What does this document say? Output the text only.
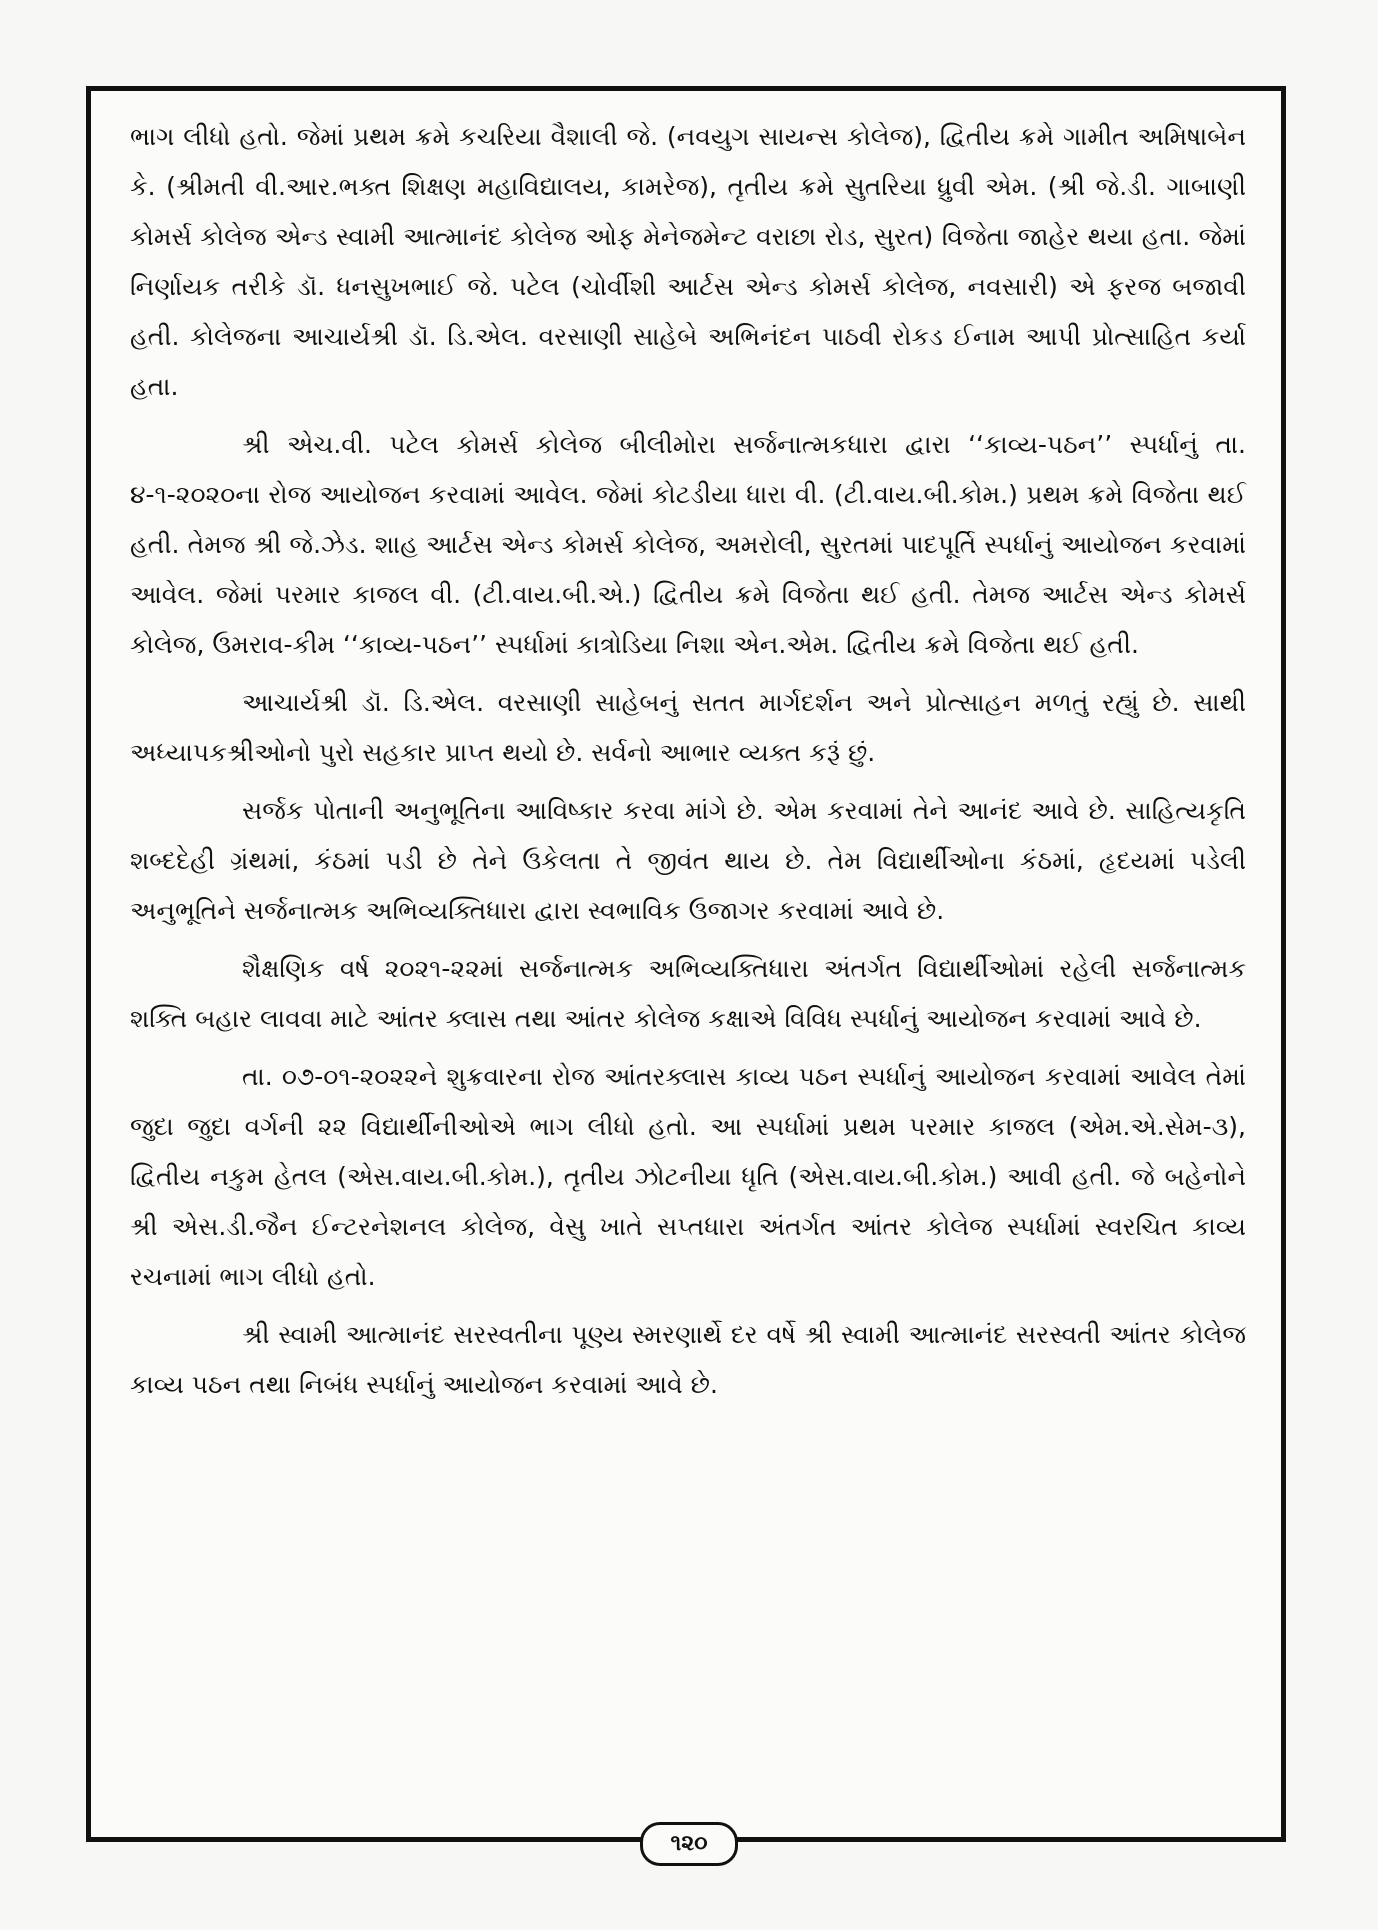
ભાગ લીધો હતો. જેમાં પ્રથમ ક્રમે કચરિયા વૈશાલી જે. (નવયુગ સાયન્સ કોલેજ), દ્વિતીય ક્રમે ગામીત અમિષાબેન કે. (શ્રીમતી વી.આર.ભક્ત શિક્ષણ મહાવિદ્યાલય, કામરેજ), તૃતીય ક્રમે સુતરિયા ધ્રુવી એમ. (શ્રી જે.ડી. ગાબાણી કોમર્સ કોલેજ એન્ડ સ્વામી આત્માનંદ કોલેજ ઓફ મેનેજમેન્ટ વરાછા રોડ, સુરત) વિજેતા જાહેર થયા હતા. જેમાં નિર્ણાયક તરીકે ડૉ. ધનસુખભાઈ જે. પટેલ (ચોર્વીશી આર્ટસ એન્ડ કોમર્સ કોલેજ, નવસારી) એ ફરજ બજાવી હતી. કોલેજના આચાર્યશ્રી ડૉ. ડિ.એલ. વરસાણી સાહેબે અભિનંદન પાઠવી રોકડ ઈનામ આપી પ્રોત્સાહિત કર્યા હતા.

શ્રી એચ.વી. પટેલ કોમર્સ કોલેજ બીલીમોરા સર્જનાત્મકધારા દ્વારા ‘‘કાવ્ય-પઠન’’ સ્પર્ધાનું તા. ૪-૧-૨૦૨૦ના રોજ આયોજન કરવામાં આવેલ. જેમાં કોટડીયા ધારા વી. (ટી.વાય.બી.કોમ.) પ્રથમ ક્રમે વિજેતા થઈ હતી. તેમજ શ્રી જે.ઝેડ. શાહ આર્ટસ એન્ડ કોમર્સ કોલેજ, અમરોલી, સુરતમાં પાદપૂર્તિ સ્પર્ધાનું આયોજન કરવામાં આવેલ. જેમાં પરમાર કાજલ વી. (ટી.વાય.બી.એ.) દ્વિતીય ક્રમે વિજેતા થઈ હતી. તેમજ આર્ટસ એન્ડ કોમર્સ કોલેજ, ઉમરાવ-કીમ ‘‘કાવ્ય-પઠન’’ સ્પર્ધામાં કાત્રોડિયા નિશા એન.એમ. દ્વિતીય ક્રમે વિજેતા થઈ હતી.

આચાર્યશ્રી ડૉ. ડિ.એલ. વરસાણી સાહેબનું સતત માર્ગદર્શન અને પ્રોત્સાહન મળતું રહ્યું છે. સાથી અધ્યાપકશ્રીઓનો પુરો સહકાર પ્રાપ્ત થયો છે. સર્વનો આભાર વ્યક્ત કરૂં છું.

સર્જક પોતાની અનુભૂતિના આવિષ્કાર કરવા માંગે છે. એમ કરવામાં તેને આનંદ આવે છે. સાહિત્યકૃતિ શબ્દદેહી ગ્રંથમાં, કંઠમાં પડી છે તેને ઉકેલતા તે જીવંત થાય છે. તેમ વિદ્યાર્થીઓના કંઠમાં, હૃદયમાં પડેલી અનુભૂતિને સર્જનાત્મક અભિવ્યક્તિધારા દ્વારા સ્વભાવિક ઉજાગર કરવામાં આવે છે.

શૈક્ષણિક વર્ષ ૨૦૨૧-૨૨માં સર્જનાત્મક અભિવ્યક્તિધારા અંતર્ગત વિદ્યાર્થીઓમાં રહેલી સર્જનાત્મક શક્તિ બહાર લાવવા માટે આંતર ક્લાસ તથા આંતર કોલેજ કક્ષાએ વિવિધ સ્પર્ધાનું આયોજન કરવામાં આવે છે.

તા. ૦૭-૦૧-૨૦૨૨ને શુક્રવારના રોજ આંતરક્લાસ કાવ્ય પઠન સ્પર્ધાનું આયોજન કરવામાં આવેલ તેમાં જુદા જુદા વર્ગની ૨૨ વિદ્યાર્થીનીઓએ ભાગ લીધો હતો. આ સ્પર્ધામાં પ્રથમ પરમાર કાજલ (એમ.એ.સેમ-૩), દ્વિતીય નકુમ હેતલ (એસ.વાય.બી.કોમ.), તૃતીય ઝોટનીયા ધૃતિ (એસ.વાય.બી.કોમ.) આવી હતી. જે બહેનોને શ્રી એસ.ડી.જૈન ઈન્ટરનેશનલ કોલેજ, વેસુ ખાતે સપ્તધારા અંતર્ગત આંતર કોલેજ સ્પર્ધામાં સ્વરચિત કાવ્ય રચનામાં ભાગ લીધો હતો.

શ્રી સ્વામી આત્માનંદ સરસ્વતીના પૂણ્ય સ્મરણાર્થે દર વર્ષે શ્રી સ્વામી આત્માનંદ સરસ્વતી આંતર કોલેજ કાવ્ય પઠન તથા નિબંધ સ્પર્ધાનું આયોજન કરવામાં આવે છે.

૧૨૦
